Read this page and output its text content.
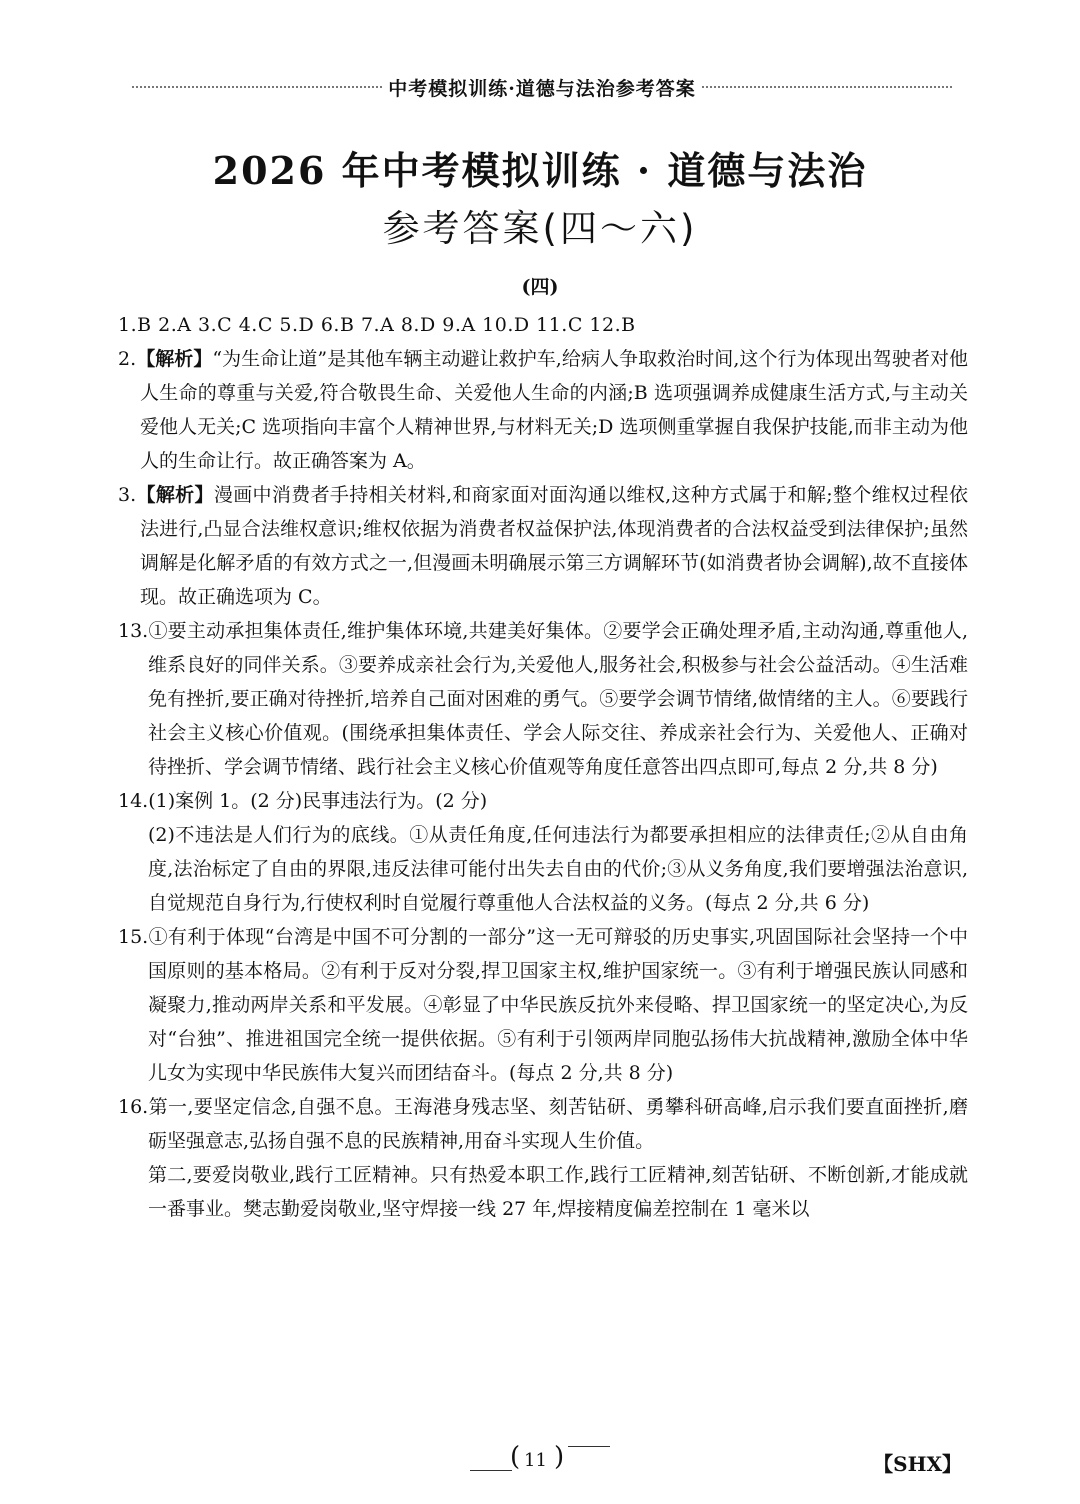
中考模拟训练·道德与法治参考答案
2026 年中考模拟训练 · 道德与法治
参考答案(四～六)
(四)
1.B 2.A 3.C 4.C 5.D 6.B 7.A 8.D 9.A 10.D 11.C 12.B
2.【解析】“为生命让道”是其他车辆主动避让救护车,给病人争取救治时间,这个行为体现出驾驶者对他人生命的尊重与关爱,符合敬畏生命、关爱他人生命的内涵;B 选项强调养成健康生活方式,与主动关爱他人无关;C 选项指向丰富个人精神世界,与材料无关;D 选项侧重掌握自我保护技能,而非主动为他人的生命让行。故正确答案为 A。
3.【解析】漫画中消费者手持相关材料,和商家面对面沟通以维权,这种方式属于和解;整个维权过程依法进行,凸显合法维权意识;维权依据为消费者权益保护法,体现消费者的合法权益受到法律保护;虽然调解是化解矛盾的有效方式之一,但漫画未明确展示第三方调解环节(如消费者协会调解),故不直接体现。故正确选项为 C。
13.①要主动承担集体责任,维护集体环境,共建美好集体。②要学会正确处理矛盾,主动沟通,尊重他人,维系良好的同伴关系。③要养成亲社会行为,关爱他人,服务社会,积极参与社会公益活动。④生活难免有挫折,要正确对待挫折,培养自己面对困难的勇气。⑤要学会调节情绪,做情绪的主人。⑥要践行社会主义核心价值观。(围绕承担集体责任、学会人际交往、养成亲社会行为、关爱他人、正确对待挫折、学会调节情绪、践行社会主义核心价值观等角度任意答出四点即可,每点 2 分,共 8 分)
14.(1)案例 1。(2 分)民事违法行为。(2 分)
(2)不违法是人们行为的底线。①从责任角度,任何违法行为都要承担相应的法律责任;②从自由角度,法治标定了自由的界限,违反法律可能付出失去自由的代价;③从义务角度,我们要增强法治意识,自觉规范自身行为,行使权利时自觉履行尊重他人合法权益的义务。(每点 2 分,共 6 分)
15.①有利于体现“台湾是中国不可分割的一部分”这一无可辩驳的历史事实,巩固国际社会坚持一个中国原则的基本格局。②有利于反对分裂,捍卫国家主权,维护国家统一。③有利于增强民族认同感和凝聚力,推动两岸关系和平发展。④彰显了中华民族反抗外来侵略、捍卫国家统一的坚定决心,为反对“台独”、推进祖国完全统一提供依据。⑤有利于引领两岸同胞弘扬伟大抗战精神,激励全体中华儿女为实现中华民族伟大复兴而团结奋斗。(每点 2 分,共 8 分)
16.第一,要坚定信念,自强不息。王海港身残志坚、刻苦钻研、勇攀科研高峰,启示我们要直面挫折,磨砺坚强意志,弘扬自强不息的民族精神,用奋斗实现人生价值。
第二,要爱岗敬业,践行工匠精神。只有热爱本职工作,践行工匠精神,刻苦钻研、不断创新,才能成就一番事业。樊志勤爱岗敬业,坚守焊接一线 27 年,焊接精度偏差控制在 1 毫米以
( 11 )	【SHX】
